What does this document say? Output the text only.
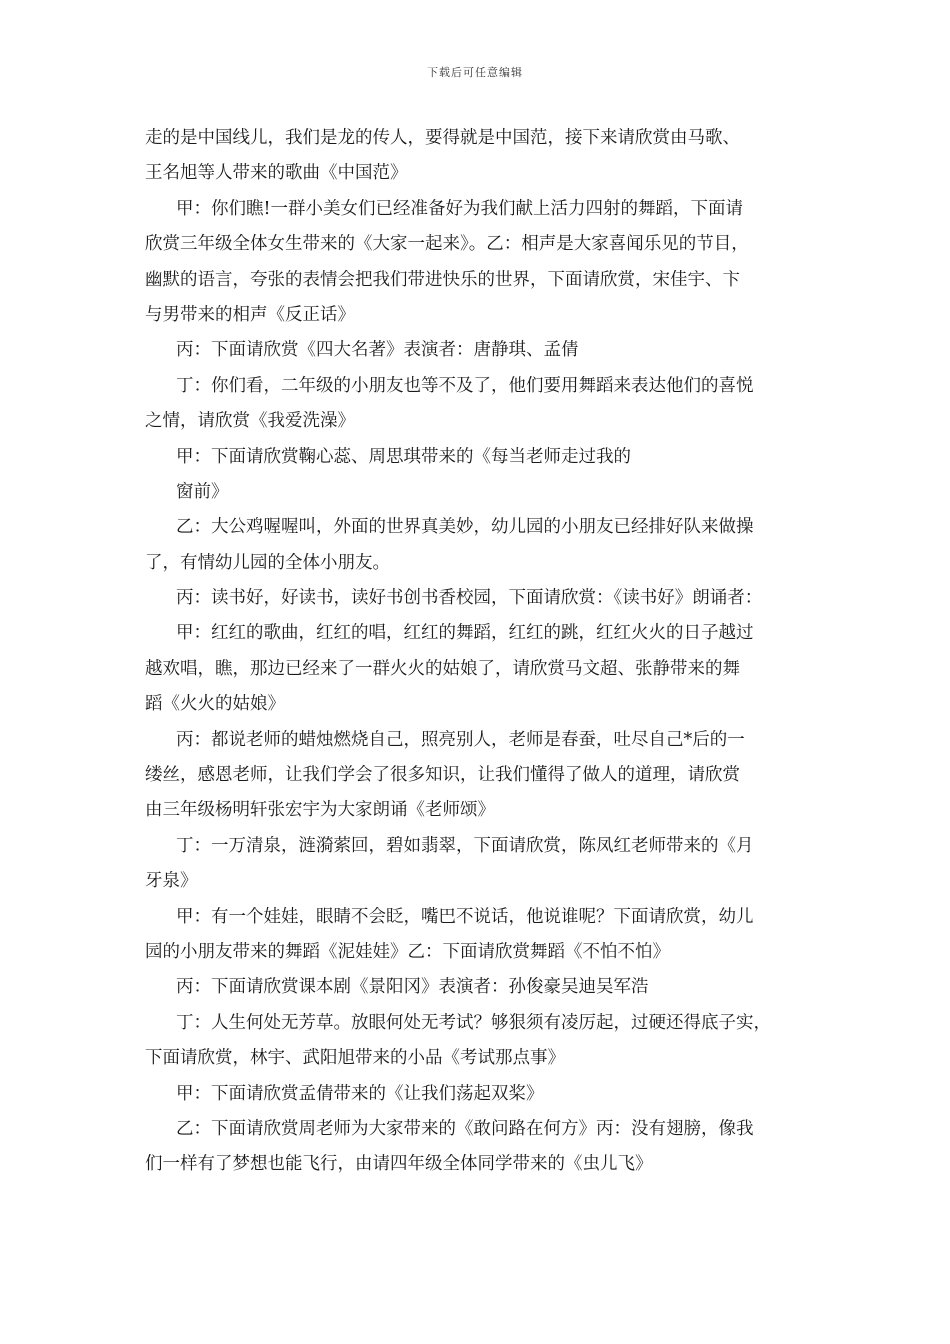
下载后可任意编辑
走的是中国线儿，我们是龙的传人，要得就是中国范，接下来请欣赏由马歌、
王名旭等人带来的歌曲《中国范》
甲：你们瞧!一群小美女们已经准备好为我们献上活力四射的舞蹈，下面请
欣赏三年级全体女生带来的《大家一起来》。乙：相声是大家喜闻乐见的节目，
幽默的语言，夸张的表情会把我们带进快乐的世界，下面请欣赏，宋佳宇、卞
与男带来的相声《反正话》
丙：下面请欣赏《四大名著》表演者：唐静琪、孟倩
丁：你们看，二年级的小朋友也等不及了，他们要用舞蹈来表达他们的喜悦
之情，请欣赏《我爱洗澡》
甲：下面请欣赏鞠心蕊、周思琪带来的《每当老师走过我的
窗前》
乙：大公鸡喔喔叫，外面的世界真美妙，幼儿园的小朋友已经排好队来做操
了，有情幼儿园的全体小朋友。
丙：读书好，好读书，读好书创书香校园，下面请欣赏：《读书好》朗诵者：
甲：红红的歌曲，红红的唱，红红的舞蹈，红红的跳，红红火火的日子越过
越欢唱，瞧，那边已经来了一群火火的姑娘了，请欣赏马文超、张静带来的舞
蹈《火火的姑娘》
丙：都说老师的蜡烛燃烧自己，照亮别人，老师是春蚕，吐尽自己*后的一
缕丝，感恩老师，让我们学会了很多知识，让我们懂得了做人的道理，请欣赏
由三年级杨明轩张宏宇为大家朗诵《老师颂》
丁：一万清泉，涟漪萦回，碧如翡翠，下面请欣赏，陈凤红老师带来的《月
牙泉》
甲：有一个娃娃，眼睛不会眨，嘴巴不说话，他说谁呢？下面请欣赏，幼儿
园的小朋友带来的舞蹈《泥娃娃》乙：下面请欣赏舞蹈《不怕不怕》
丙：下面请欣赏课本剧《景阳冈》表演者：孙俊豪吴迪吴军浩
丁：人生何处无芳草。放眼何处无考试？够狠须有凌厉起，过硬还得底子实，
下面请欣赏，林宇、武阳旭带来的小品《考试那点事》
甲：下面请欣赏孟倩带来的《让我们荡起双桨》
乙：下面请欣赏周老师为大家带来的《敢问路在何方》丙：没有翅膀，像我
们一样有了梦想也能飞行，由请四年级全体同学带来的《虫儿飞》
